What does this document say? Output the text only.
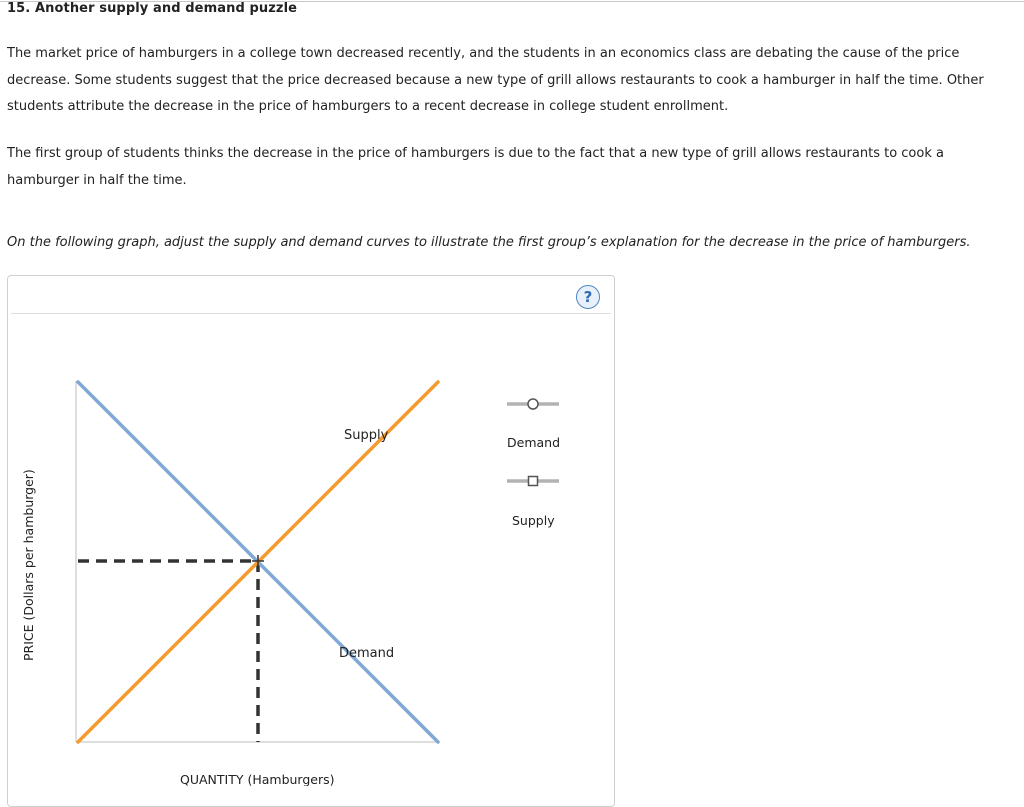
15. Another supply and demand puzzle

The market price of hamburgers in a college town decreased recently, and the students in an economics class are debating the cause of the price decrease. Some students suggest that the price decreased because a new type of grill allows restaurants to cook a hamburger in half the time. Other students attribute the decrease in the price of hamburgers to a recent decrease in college student enrollment.

The first group of students thinks the decrease in the price of hamburgers is due to the fact that a new type of grill allows restaurants to cook a hamburger in half the time.

On the following graph, adjust the supply and demand curves to illustrate the first group’s explanation for the decrease in the price of hamburgers.
?
Supply
Demand
PRICE (Dollars per hamburger)
QUANTITY (Hamburgers)
Demand
Supply
